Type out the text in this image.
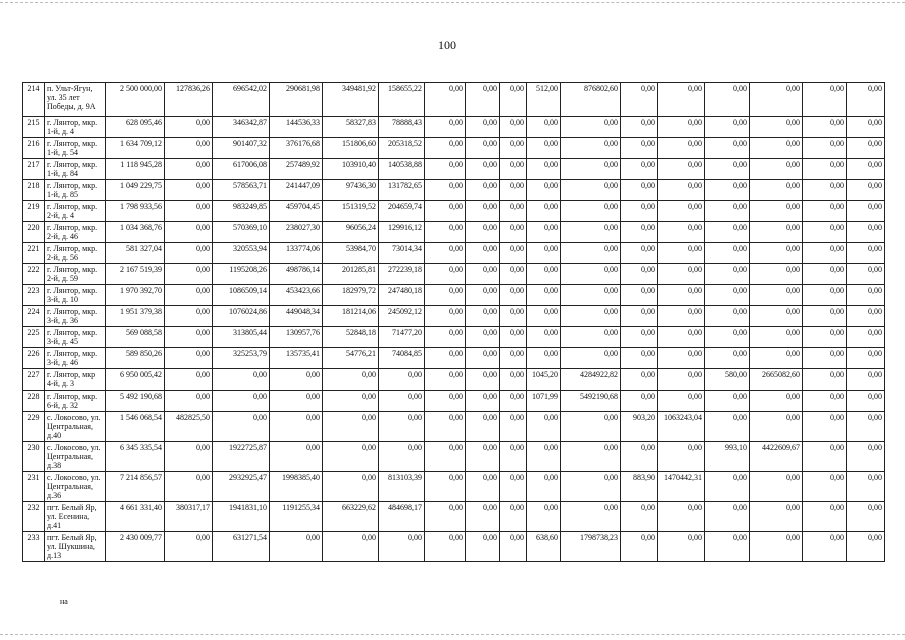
100
214	п. Ульт-Ягун, ул. 35 лет Победы, д. 9А	2 500 000,00	127836,26	696542,02	290681,98	349481,92	158655,22	0,00	0,00	0,00	512,00	876802,60	0,00	0,00	0,00	0,00	0,00	0,00
215	г. Лянтор, мкр. 1-й, д. 4	628 095,46	0,00	346342,87	144536,33	58327,83	78888,43	0,00	0,00	0,00	0,00	0,00	0,00	0,00	0,00	0,00	0,00	0,00
216	г. Лянтор, мкр. 1-й, д. 54	1 634 709,12	0,00	901407,32	376176,68	151806,60	205318,52	0,00	0,00	0,00	0,00	0,00	0,00	0,00	0,00	0,00	0,00	0,00
217	г. Лянтор, мкр. 1-й, д. 84	1 118 945,28	0,00	617006,08	257489,92	103910,40	140538,88	0,00	0,00	0,00	0,00	0,00	0,00	0,00	0,00	0,00	0,00	0,00
218	г. Лянтор, мкр. 1-й, д. 85	1 049 229,75	0,00	578563,71	241447,09	97436,30	131782,65	0,00	0,00	0,00	0,00	0,00	0,00	0,00	0,00	0,00	0,00	0,00
219	г. Лянтор, мкр. 2-й, д. 4	1 798 933,56	0,00	983249,85	459704,45	151319,52	204659,74	0,00	0,00	0,00	0,00	0,00	0,00	0,00	0,00	0,00	0,00	0,00
220	г. Лянтор, мкр. 2-й, д. 46	1 034 368,76	0,00	570369,10	238027,30	96056,24	129916,12	0,00	0,00	0,00	0,00	0,00	0,00	0,00	0,00	0,00	0,00	0,00
221	г. Лянтор, мкр. 2-й, д. 56	581 327,04	0,00	320553,94	133774,06	53984,70	73014,34	0,00	0,00	0,00	0,00	0,00	0,00	0,00	0,00	0,00	0,00	0,00
222	г. Лянтор, мкр. 2-й, д. 59	2 167 519,39	0,00	1195208,26	498786,14	201285,81	272239,18	0,00	0,00	0,00	0,00	0,00	0,00	0,00	0,00	0,00	0,00	0,00
223	г. Лянтор, мкр. 3-й, д. 10	1 970 392,70	0,00	1086509,14	453423,66	182979,72	247480,18	0,00	0,00	0,00	0,00	0,00	0,00	0,00	0,00	0,00	0,00	0,00
224	г. Лянтор, мкр. 3-й, д. 36	1 951 379,38	0,00	1076024,86	449048,34	181214,06	245092,12	0,00	0,00	0,00	0,00	0,00	0,00	0,00	0,00	0,00	0,00	0,00
225	г. Лянтор, мкр. 3-й, д. 45	569 088,58	0,00	313805,44	130957,76	52848,18	71477,20	0,00	0,00	0,00	0,00	0,00	0,00	0,00	0,00	0,00	0,00	0,00
226	г. Лянтор, мкр. 3-й, д. 46	589 850,26	0,00	325253,79	135735,41	54776,21	74084,85	0,00	0,00	0,00	0,00	0,00	0,00	0,00	0,00	0,00	0,00	0,00
227	г. Лянтор, мкр 4-й, д. 3	6 950 005,42	0,00	0,00	0,00	0,00	0,00	0,00	0,00	0,00	1045,20	4284922,82	0,00	0,00	580,00	2665082,60	0,00	0,00
228	г. Лянтор, мкр. 6-й, д. 32	5 492 190,68	0,00	0,00	0,00	0,00	0,00	0,00	0,00	0,00	1071,99	5492190,68	0,00	0,00	0,00	0,00	0,00	0,00
229	с. Локосово, ул. Центральная, д.40	1 546 068,54	482825,50	0,00	0,00	0,00	0,00	0,00	0,00	0,00	0,00	0,00	903,20	1063243,04	0,00	0,00	0,00	0,00
230	с. Локосово, ул. Центральная, д.38	6 345 335,54	0,00	1922725,87	0,00	0,00	0,00	0,00	0,00	0,00	0,00	0,00	0,00	0,00	993,10	4422609,67	0,00	0,00
231	с. Локосово, ул. Центральная, д.36	7 214 856,57	0,00	2932925,47	1998385,40	0,00	813103,39	0,00	0,00	0,00	0,00	0,00	883,90	1470442,31	0,00	0,00	0,00	0,00
232	пгт. Белый Яр, ул. Есенина, д.41	4 661 331,40	380317,17	1941831,10	1191255,34	663229,62	484698,17	0,00	0,00	0,00	0,00	0,00	0,00	0,00	0,00	0,00	0,00	0,00
233	пгт. Белый Яр, ул. Шукшина, д.13	2 430 009,77	0,00	631271,54	0,00	0,00	0,00	0,00	0,00	0,00	638,60	1798738,23	0,00	0,00	0,00	0,00	0,00	0,00
на
